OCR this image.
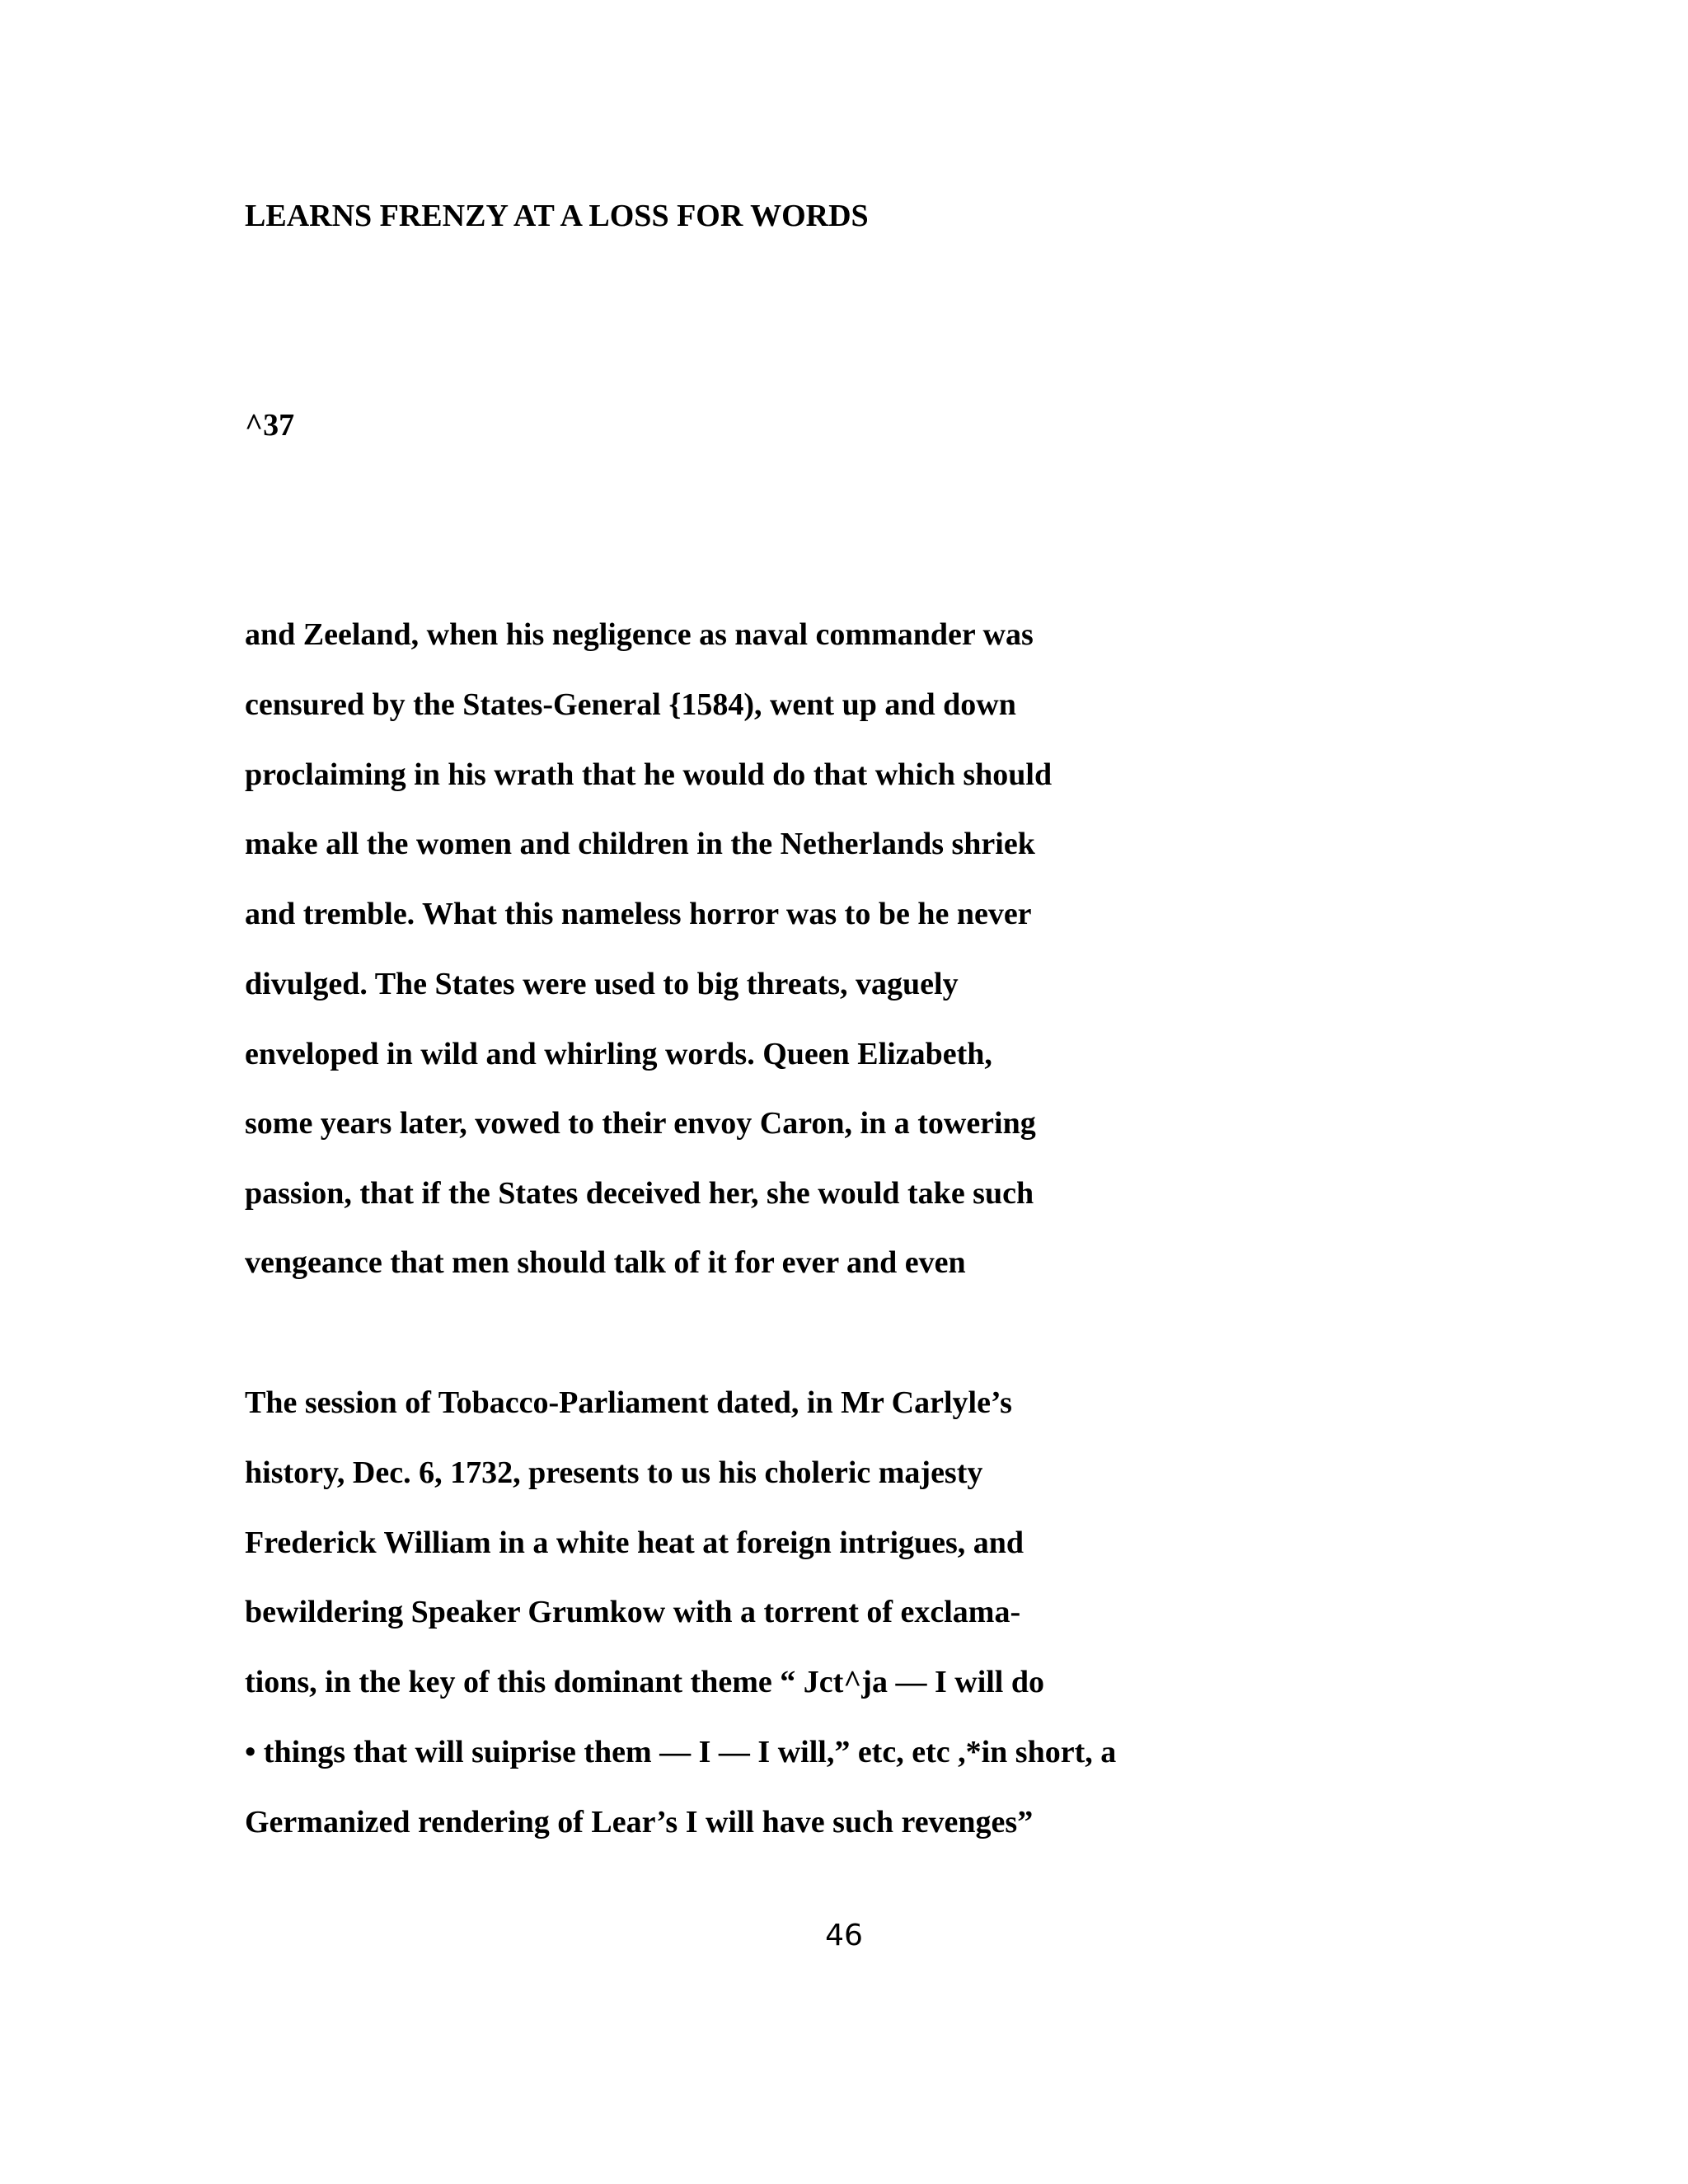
LEARNS FRENZY AT A LOSS FOR WORDS
^37
and Zeeland, when his negligence as naval commander was
censured by the States-General {1584), went up and down
proclaiming in his wrath that he would do that which should
make all the women and children in the Netherlands shriek
and tremble. What this nameless horror was to be he never
divulged. The States were used to big threats, vaguely
enveloped in wild and whirling words. Queen Elizabeth,
some years later, vowed to their envoy Caron, in a towering
passion, that if the States deceived her, she would take such
vengeance that men should talk of it for ever and even
The session of Tobacco-Parliament dated, in Mr Carlyle’s
history, Dec. 6, 1732, presents to us his choleric majesty
Frederick William in a white heat at foreign intrigues, and
bewildering Speaker Grumkow with a torrent of exclama-
tions, in the key of this dominant theme “ Jct^ja — I will do
• things that will suiprise them — I — I will,” etc, etc ,*in short, a
Germanized rendering of Lear’s I will have such revenges”
46
